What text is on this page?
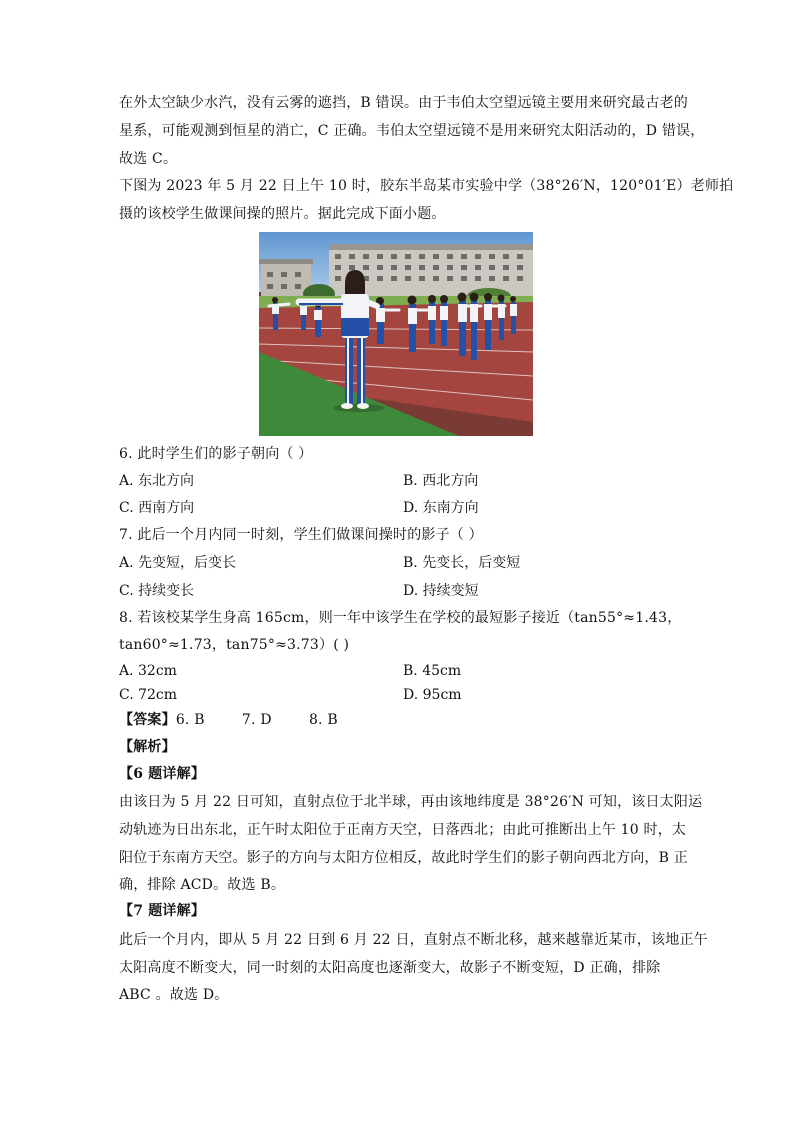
在外太空缺少水汽，没有云雾的遮挡，B 错误。由于韦伯太空望远镜主要用来研究最古老的
星系，可能观测到恒星的消亡，C 正确。韦伯太空望远镜不是用来研究太阳活动的，D 错误，
故选 C。
下图为 2023 年 5 月 22 日上午 10 时，胶东半岛某市实验中学（38°26′N，120°01′E）老师拍
摄的该校学生做课间操的照片。据此完成下面小题。
6. 此时学生们的影子朝向（ ）
A. 东北方向	B. 西北方向
C. 西南方向	D. 东南方向
7. 此后一个月内同一时刻，学生们做课间操时的影子（ ）
A. 先变短，后变长	B. 先变长，后变短
C. 持续变长	D. 持续变短
8. 若该校某学生身高 165cm，则一年中该学生在学校的最短影子接近（tan55°≈1.43，
tan60°≈1.73，tan75°≈3.73）( )
A. 32cm	B. 45cm
C. 72cm	D. 95cm
【答案】6. B        7. D        8. B
【解析】
【6 题详解】
由该日为 5 月 22 日可知，直射点位于北半球，再由该地纬度是 38°26′N 可知，该日太阳运
动轨迹为日出东北，正午时太阳位于正南方天空，日落西北；由此可推断出上午 10 时，太
阳位于东南方天空。影子的方向与太阳方位相反，故此时学生们的影子朝向西北方向，B 正
确，排除 ACD。故选 B。
【7 题详解】
此后一个月内，即从 5 月 22 日到 6 月 22 日，直射点不断北移，越来越靠近某市，该地正午
太阳高度不断变大，同一时刻的太阳高度也逐渐变大，故影子不断变短，D 正确，排除
ABC 。故选 D。
